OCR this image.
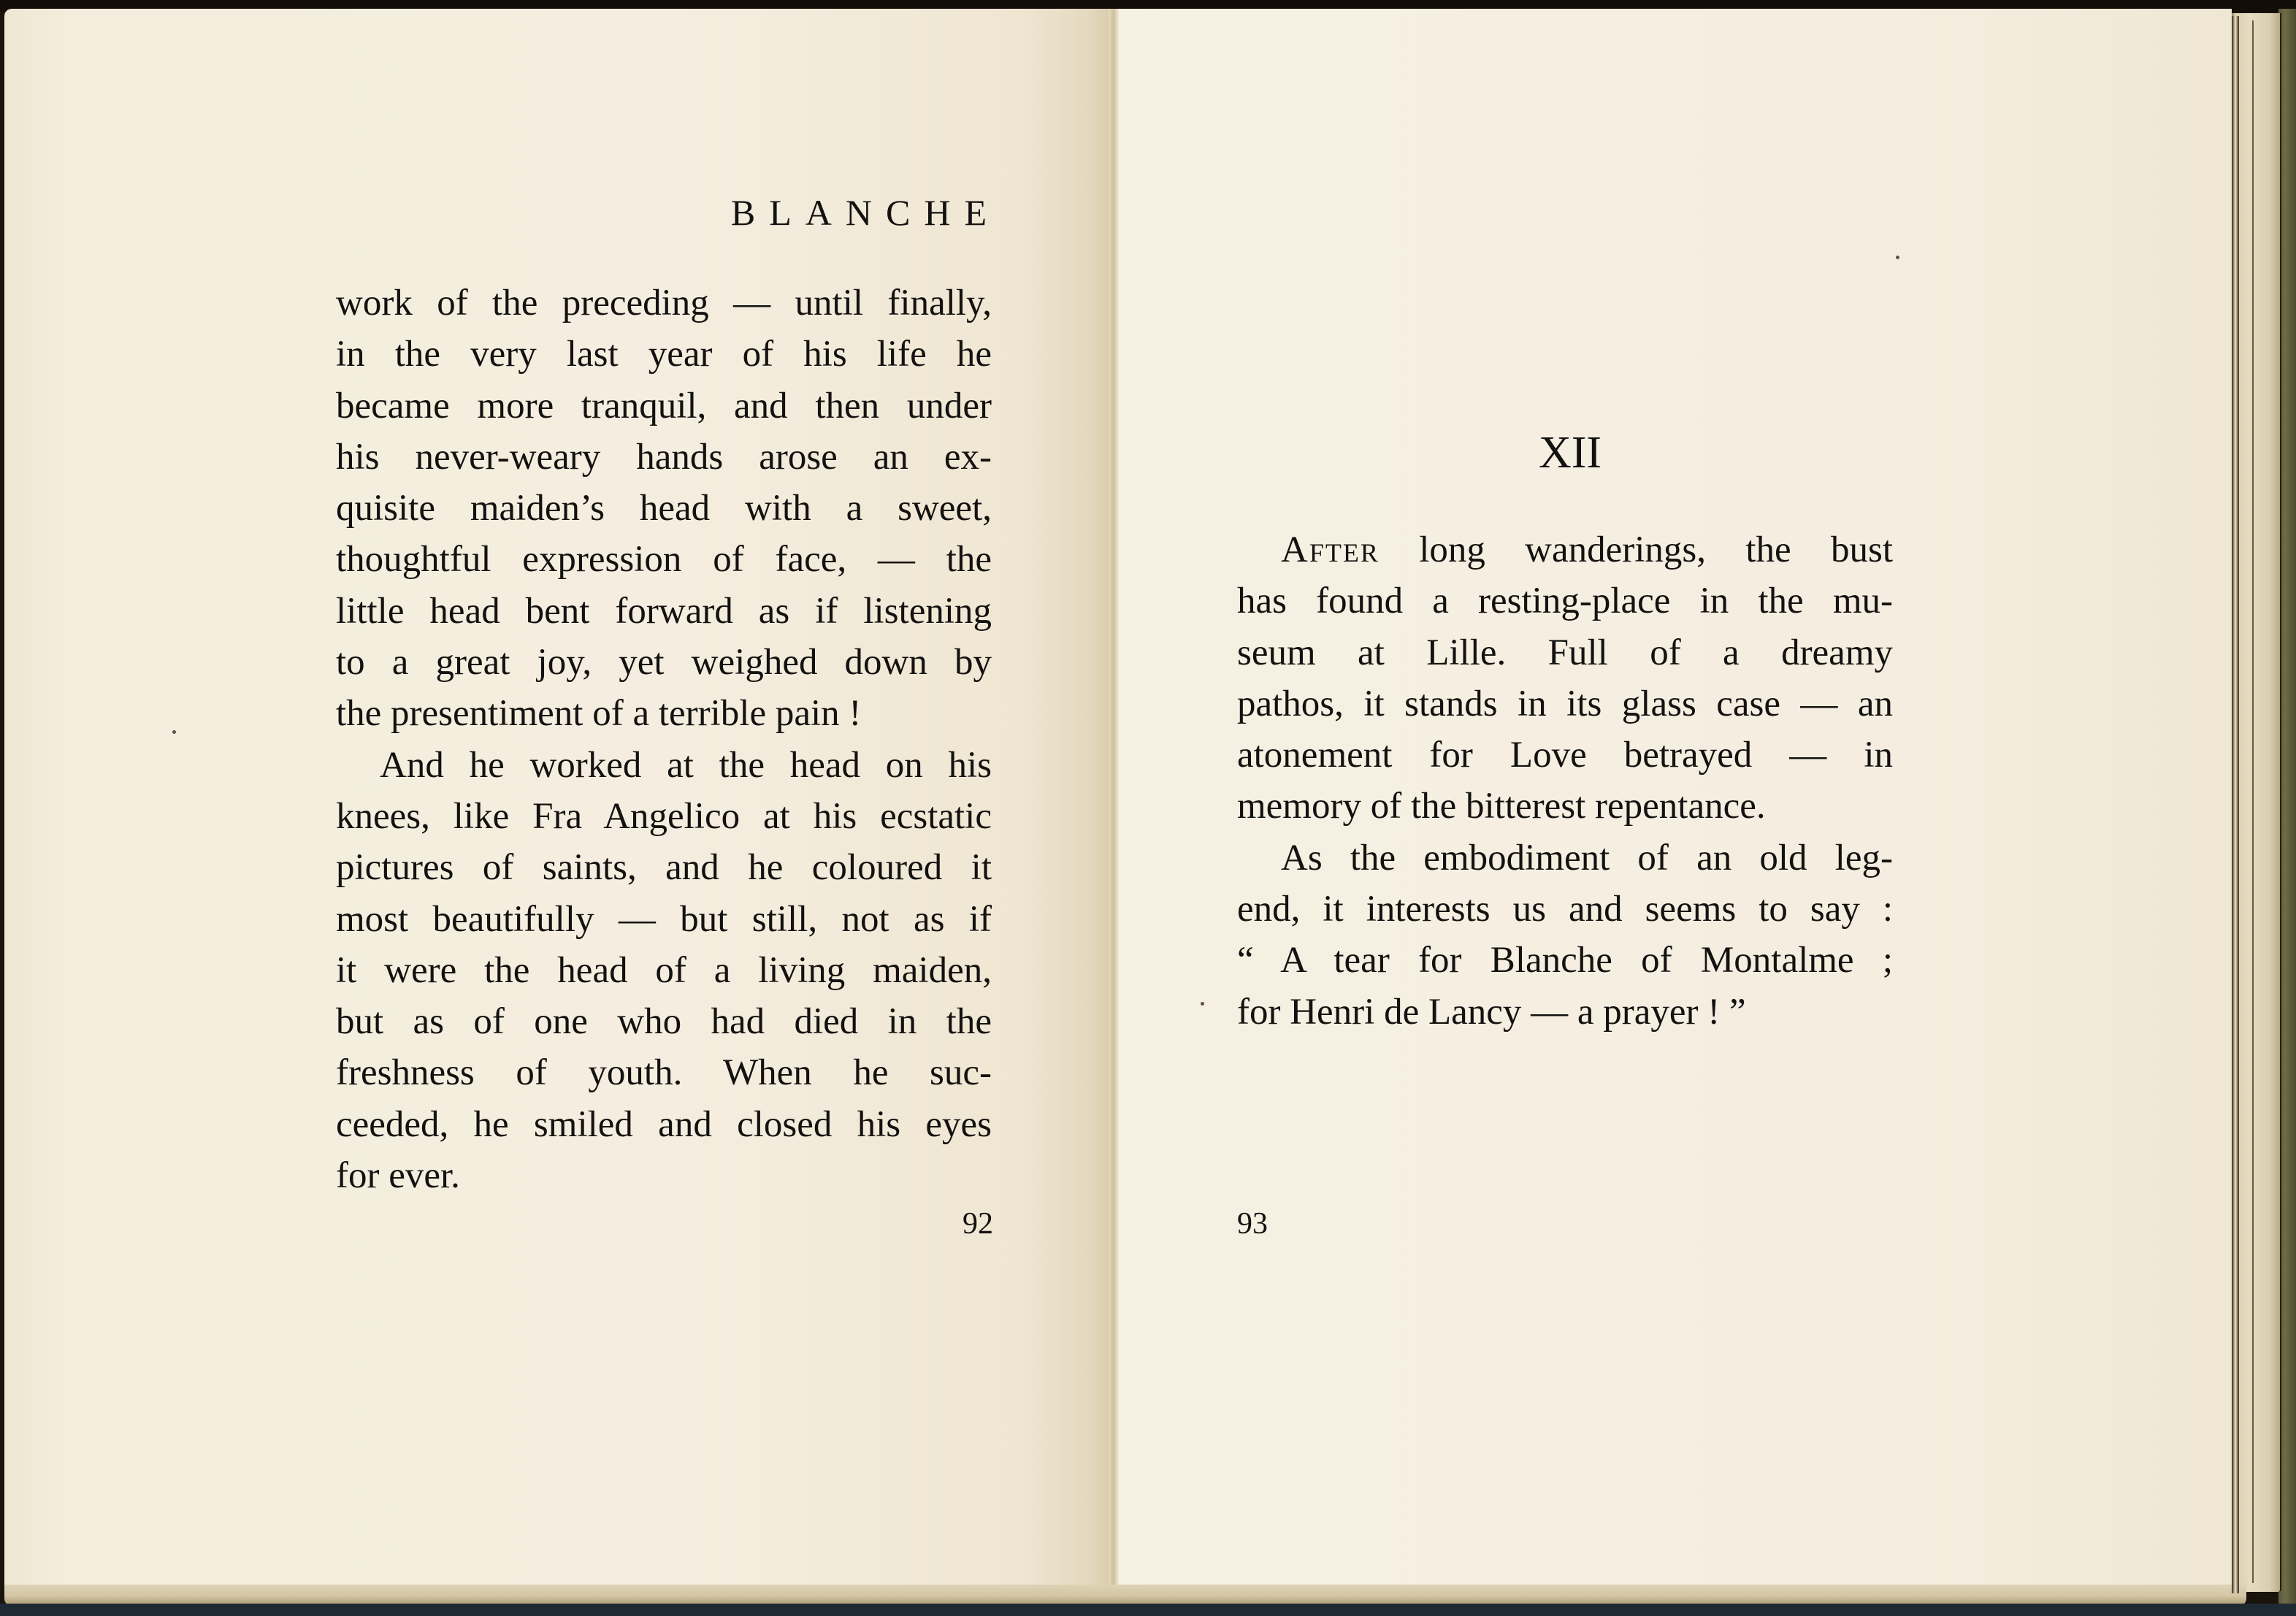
BLANCHE
work of the preceding — until finally,
in the very last year of his life he
became more tranquil, and then under
his never-weary hands arose an ex-
quisite maiden’s head with a sweet,
thoughtful expression of face, — the
little head bent forward as if listening
to a great joy, yet weighed down by
the presentiment of a terrible pain !
And he worked at the head on his
knees, like Fra Angelico at his ecstatic
pictures of saints, and he coloured it
most beautifully — but still, not as if
it were the head of a living maiden,
but as of one who had died in the
freshness of youth. When he suc-
ceeded, he smiled and closed his eyes
for ever.
92
XII
After long wanderings, the bust
has found a resting-place in the mu-
seum at Lille. Full of a dreamy
pathos, it stands in its glass case — an
atonement for Love betrayed — in
memory of the bitterest repentance.
As the embodiment of an old leg-
end, it interests us and seems to say :
“ A tear for Blanche of Montalme ;
for Henri de Lancy — a prayer ! ”
93
